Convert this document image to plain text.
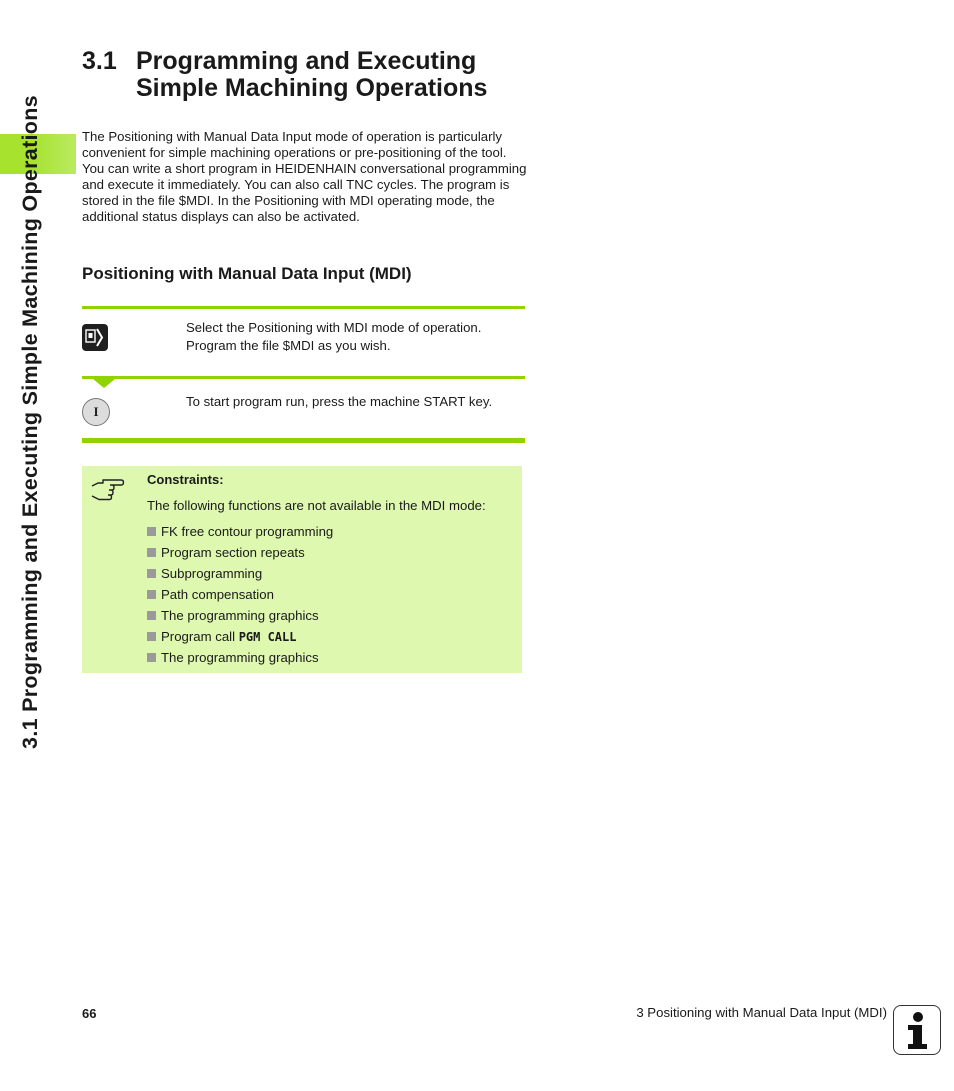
3.1 Programming and Executing Simple Machining Operations
3.1 Programming and Executing Simple Machining Operations

The Positioning with Manual Data Input mode of operation is particularly convenient for simple machining operations or pre-positioning of the tool. You can write a short program in HEIDENHAIN conversational programming and execute it immediately. You can also call TNC cycles. The program is stored in the file $MDI. In the Positioning with MDI operating mode, the additional status displays can also be activated.

Positioning with Manual Data Input (MDI)
Select the Positioning with MDI mode of operation.
Program the file $MDI as you wish.
I
To start program run, press the machine START key.
Constraints:
The following functions are not available in the MDI mode:
FK free contour programming
Program section repeats
Subprogramming
Path compensation
The programming graphics
Program call PGM CALL
The programming graphics
66	3 Positioning with Manual Data Input (MDI)
